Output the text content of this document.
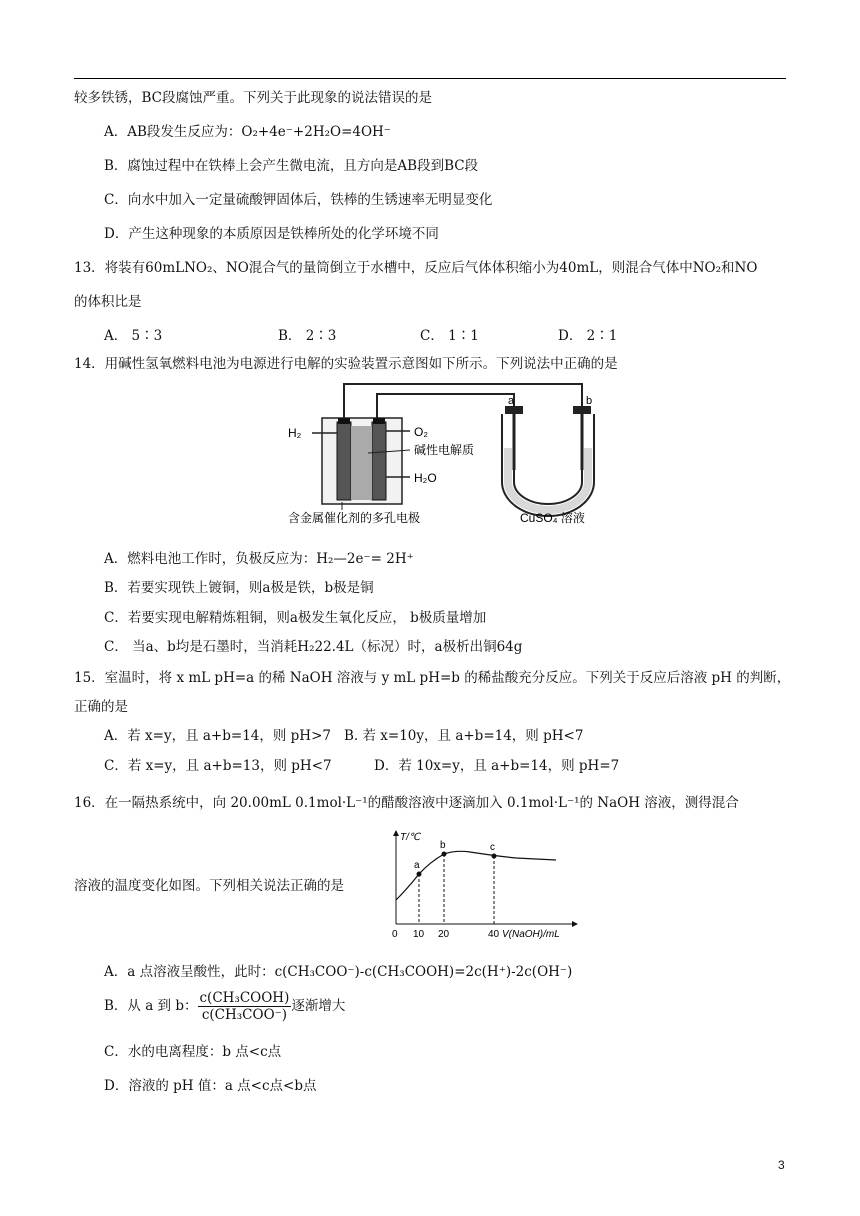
较多铁锈，BC段腐蚀严重。下列关于此现象的说法错误的是
A．AB段发生反应为：O₂+4e⁻+2H₂O=4OH⁻
B．腐蚀过程中在铁棒上会产生微电流，且方向是AB段到BC段
C．向水中加入一定量硫酸钾固体后，铁棒的生锈速率无明显变化
D．产生这种现象的本质原因是铁棒所处的化学环境不同
13．将装有60mLNO₂、NO混合气的量筒倒立于水槽中，反应后气体体积缩小为40mL，则混合气体中NO₂和NO
的体积比是
A． 5∶3	B． 2∶3	C． 1∶1	D． 2∶1
14．用碱性氢氧燃料电池为电源进行电解的实验装置示意图如下所示。下列说法中正确的是
H₂	O₂
碱性电解质
H₂O
含金属催化剂的多孔电极
a	b
CuSO₄ 溶液
A．燃料电池工作时，负极反应为：H₂—2e⁻= 2H⁺
B．若要实现铁上镀铜，则a极是铁，b极是铜
C．若要实现电解精炼粗铜，则a极发生氧化反应， b极质量增加
C． 当a、b均是石墨时，当消耗H₂22.4L（标况）时，a极析出铜64g
15．室温时，将 x mL pH=a 的稀 NaOH 溶液与 y mL pH=b 的稀盐酸充分反应。下列关于反应后溶液 pH 的判断，
正确的是
A．若 x=y，且 a+b=14，则 pH>7 B. 若 x=10y，且 a+b=14，则 pH<7
C．若 x=y，且 a+b=13，则 pH<7	D．若 10x=y，且 a+b=14，则 pH=7
16．在一隔热系统中，向 20.00mL 0.1mol·L⁻¹的醋酸溶液中逐滴加入 0.1mol·L⁻¹的 NaOH 溶液，测得混合
溶液的温度变化如图。下列相关说法正确的是
T/℃
a
b	c
0 10 20	40 V(NaOH)/mL
A．a 点溶液呈酸性，此时：c(CH₃COO⁻)-c(CH₃COOH)=2c(H⁺)-2c(OH⁻)
B．从 a 到 b： $\frac{\text{c(CH₃COOH)}}{\text{c(CH₃COO⁻)}}$ 逐渐增大
C．水的电离程度：b 点<c点
D．溶液的 pH 值：a 点<c点<b点
3
